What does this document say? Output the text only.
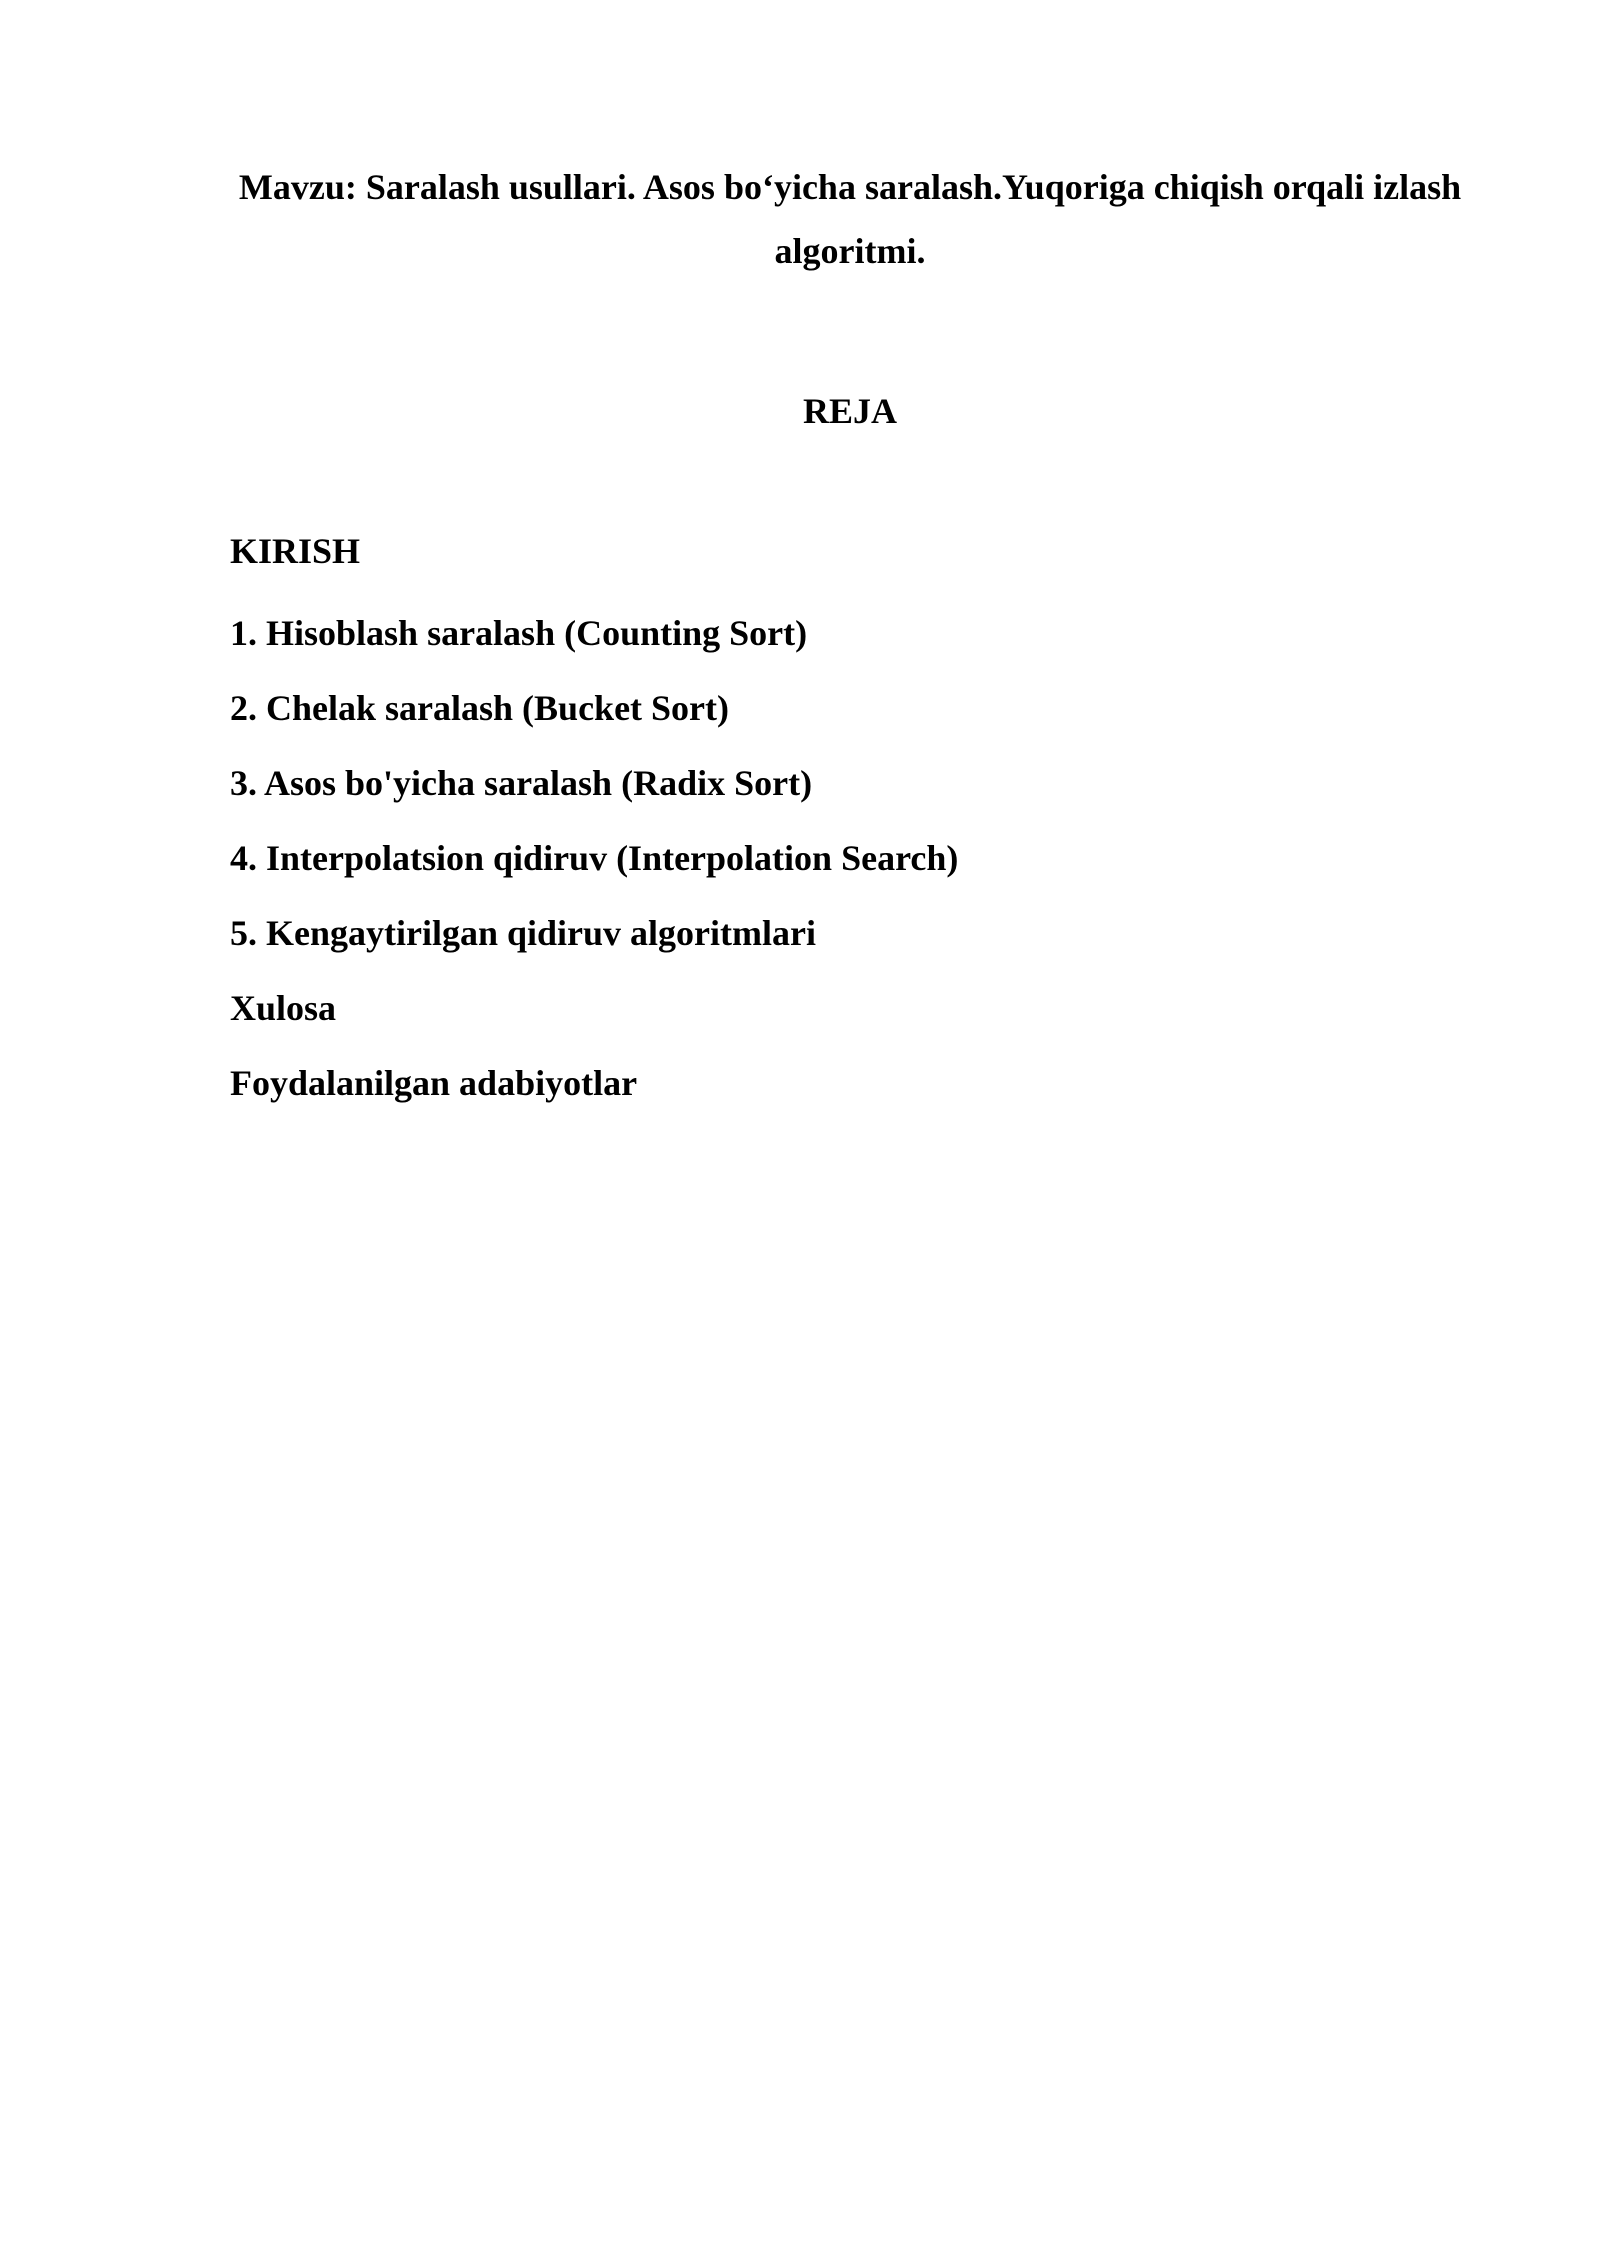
Mavzu: Saralash usullari. Asos bo‘yicha saralash.Yuqoriga chiqish orqali izlash algoritmi.
REJA
KIRISH
1. Hisoblash saralash (Counting Sort)
2. Chelak saralash (Bucket Sort)
3. Asos bo'yicha saralash (Radix Sort)
4. Interpolatsion qidiruv (Interpolation Search)
5. Kengaytirilgan qidiruv algoritmlari
Xulosa
Foydalanilgan adabiyotlar
